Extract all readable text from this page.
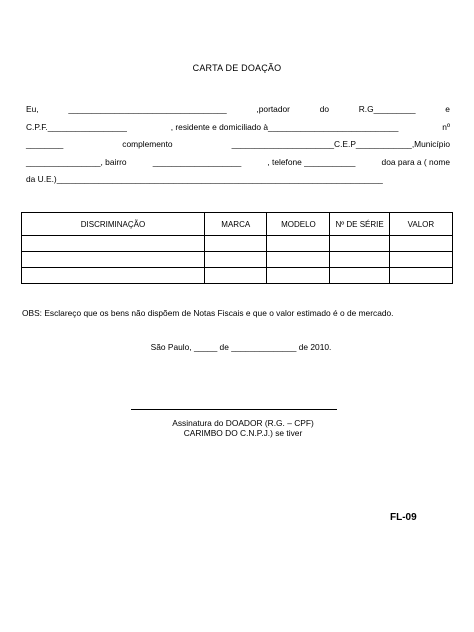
CARTA DE DOAÇÃO
Eu,	__________________________________	,portador	do	R.G_________	e
C.P.F._________________	, residente e domiciliado à____________________________	nº
________	complemento	______________________C.E.P____________,Município
________________, bairro	___________________	, telefone ___________	doa para a ( nome
da U.E.)______________________________________________________________________
DISCRIMINAÇÃO	MARCA	MODELO	Nº DE SÉRIE	VALOR

OBS: Esclareço que os bens não dispõem de Notas Fiscais e que o valor estimado é o de mercado.
São Paulo, _____ de ______________ de 2010.
Assinatura do DOADOR (R.G. – CPF)
CARIMBO DO C.N.P.J.) se tiver
FL-09
